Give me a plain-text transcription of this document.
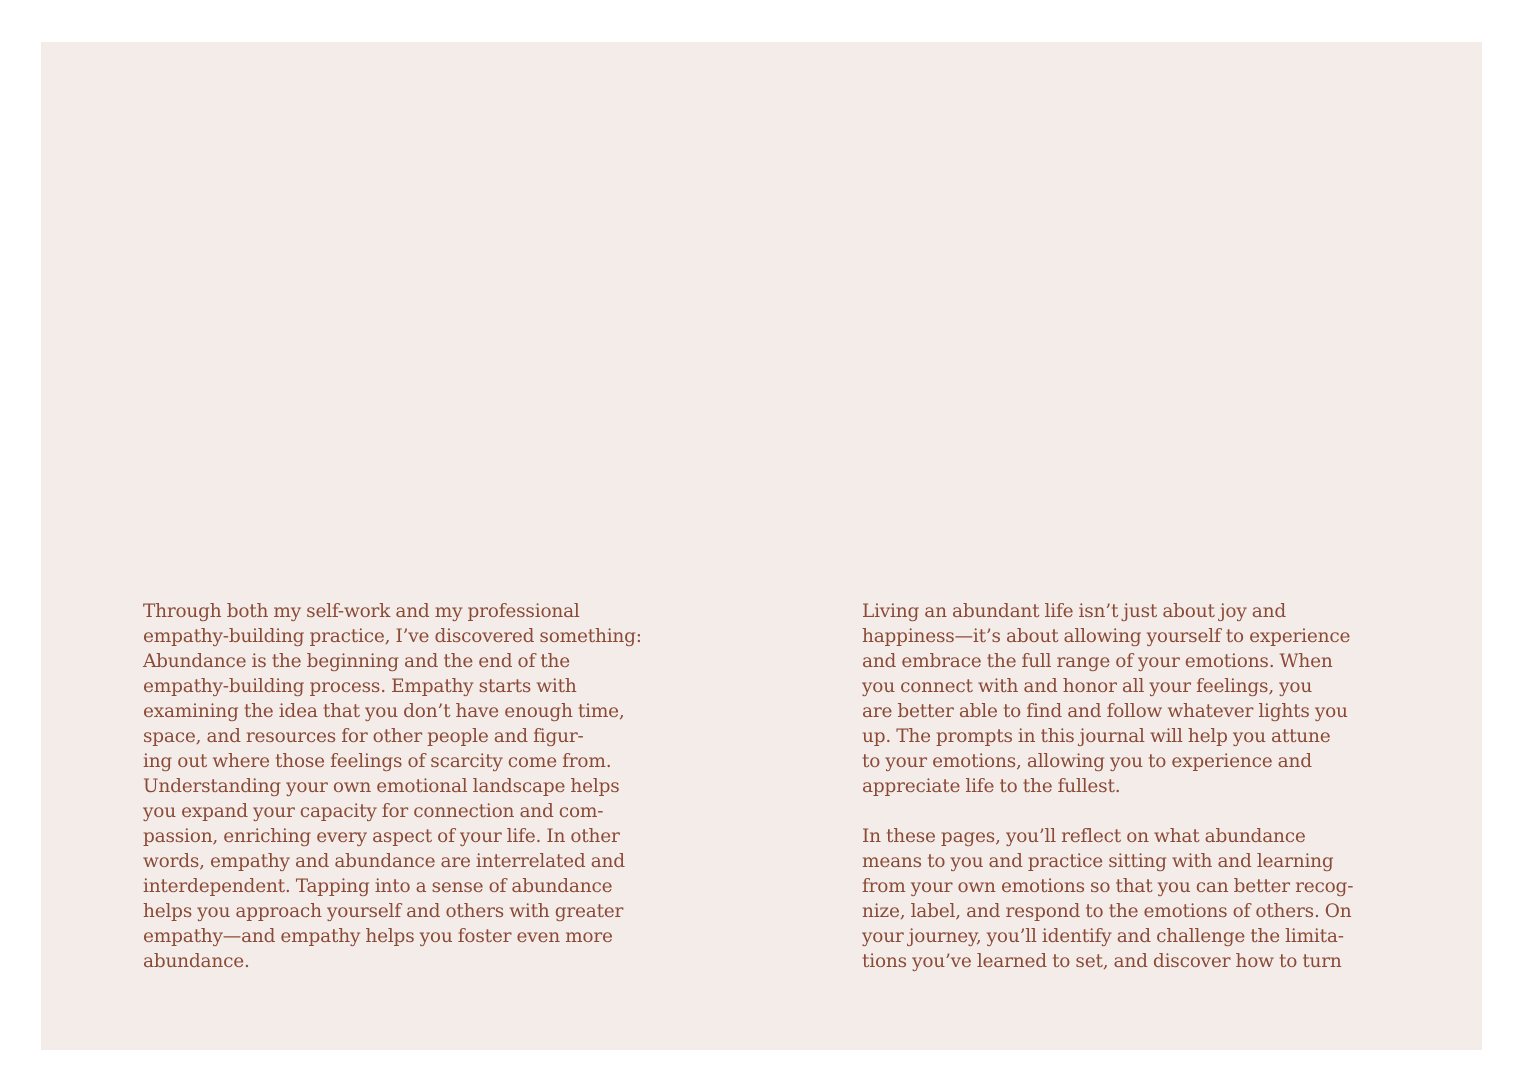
Through both my self-work and my professional
empathy-building practice, I’ve discovered something:
Abundance is the beginning and the end of the
empathy-building process. Empathy starts with
examining the idea that you don’t have enough time,
space, and resources for other people and figur-
ing out where those feelings of scarcity come from.
Understanding your own emotional landscape helps
you expand your capacity for connection and com-
passion, enriching every aspect of your life. In other
words, empathy and abundance are interrelated and
interdependent. Tapping into a sense of abundance
helps you approach yourself and others with greater
empathy—and empathy helps you foster even more
abundance.
Living an abundant life isn’t just about joy and
happiness—it’s about allowing yourself to experience
and embrace the full range of your emotions. When
you connect with and honor all your feelings, you
are better able to find and follow whatever lights you
up. The prompts in this journal will help you attune
to your emotions, allowing you to experience and
appreciate life to the fullest.
In these pages, you’ll reflect on what abundance
means to you and practice sitting with and learning
from your own emotions so that you can better recog-
nize, label, and respond to the emotions of others. On
your journey, you’ll identify and challenge the limita-
tions you’ve learned to set, and discover how to turn
